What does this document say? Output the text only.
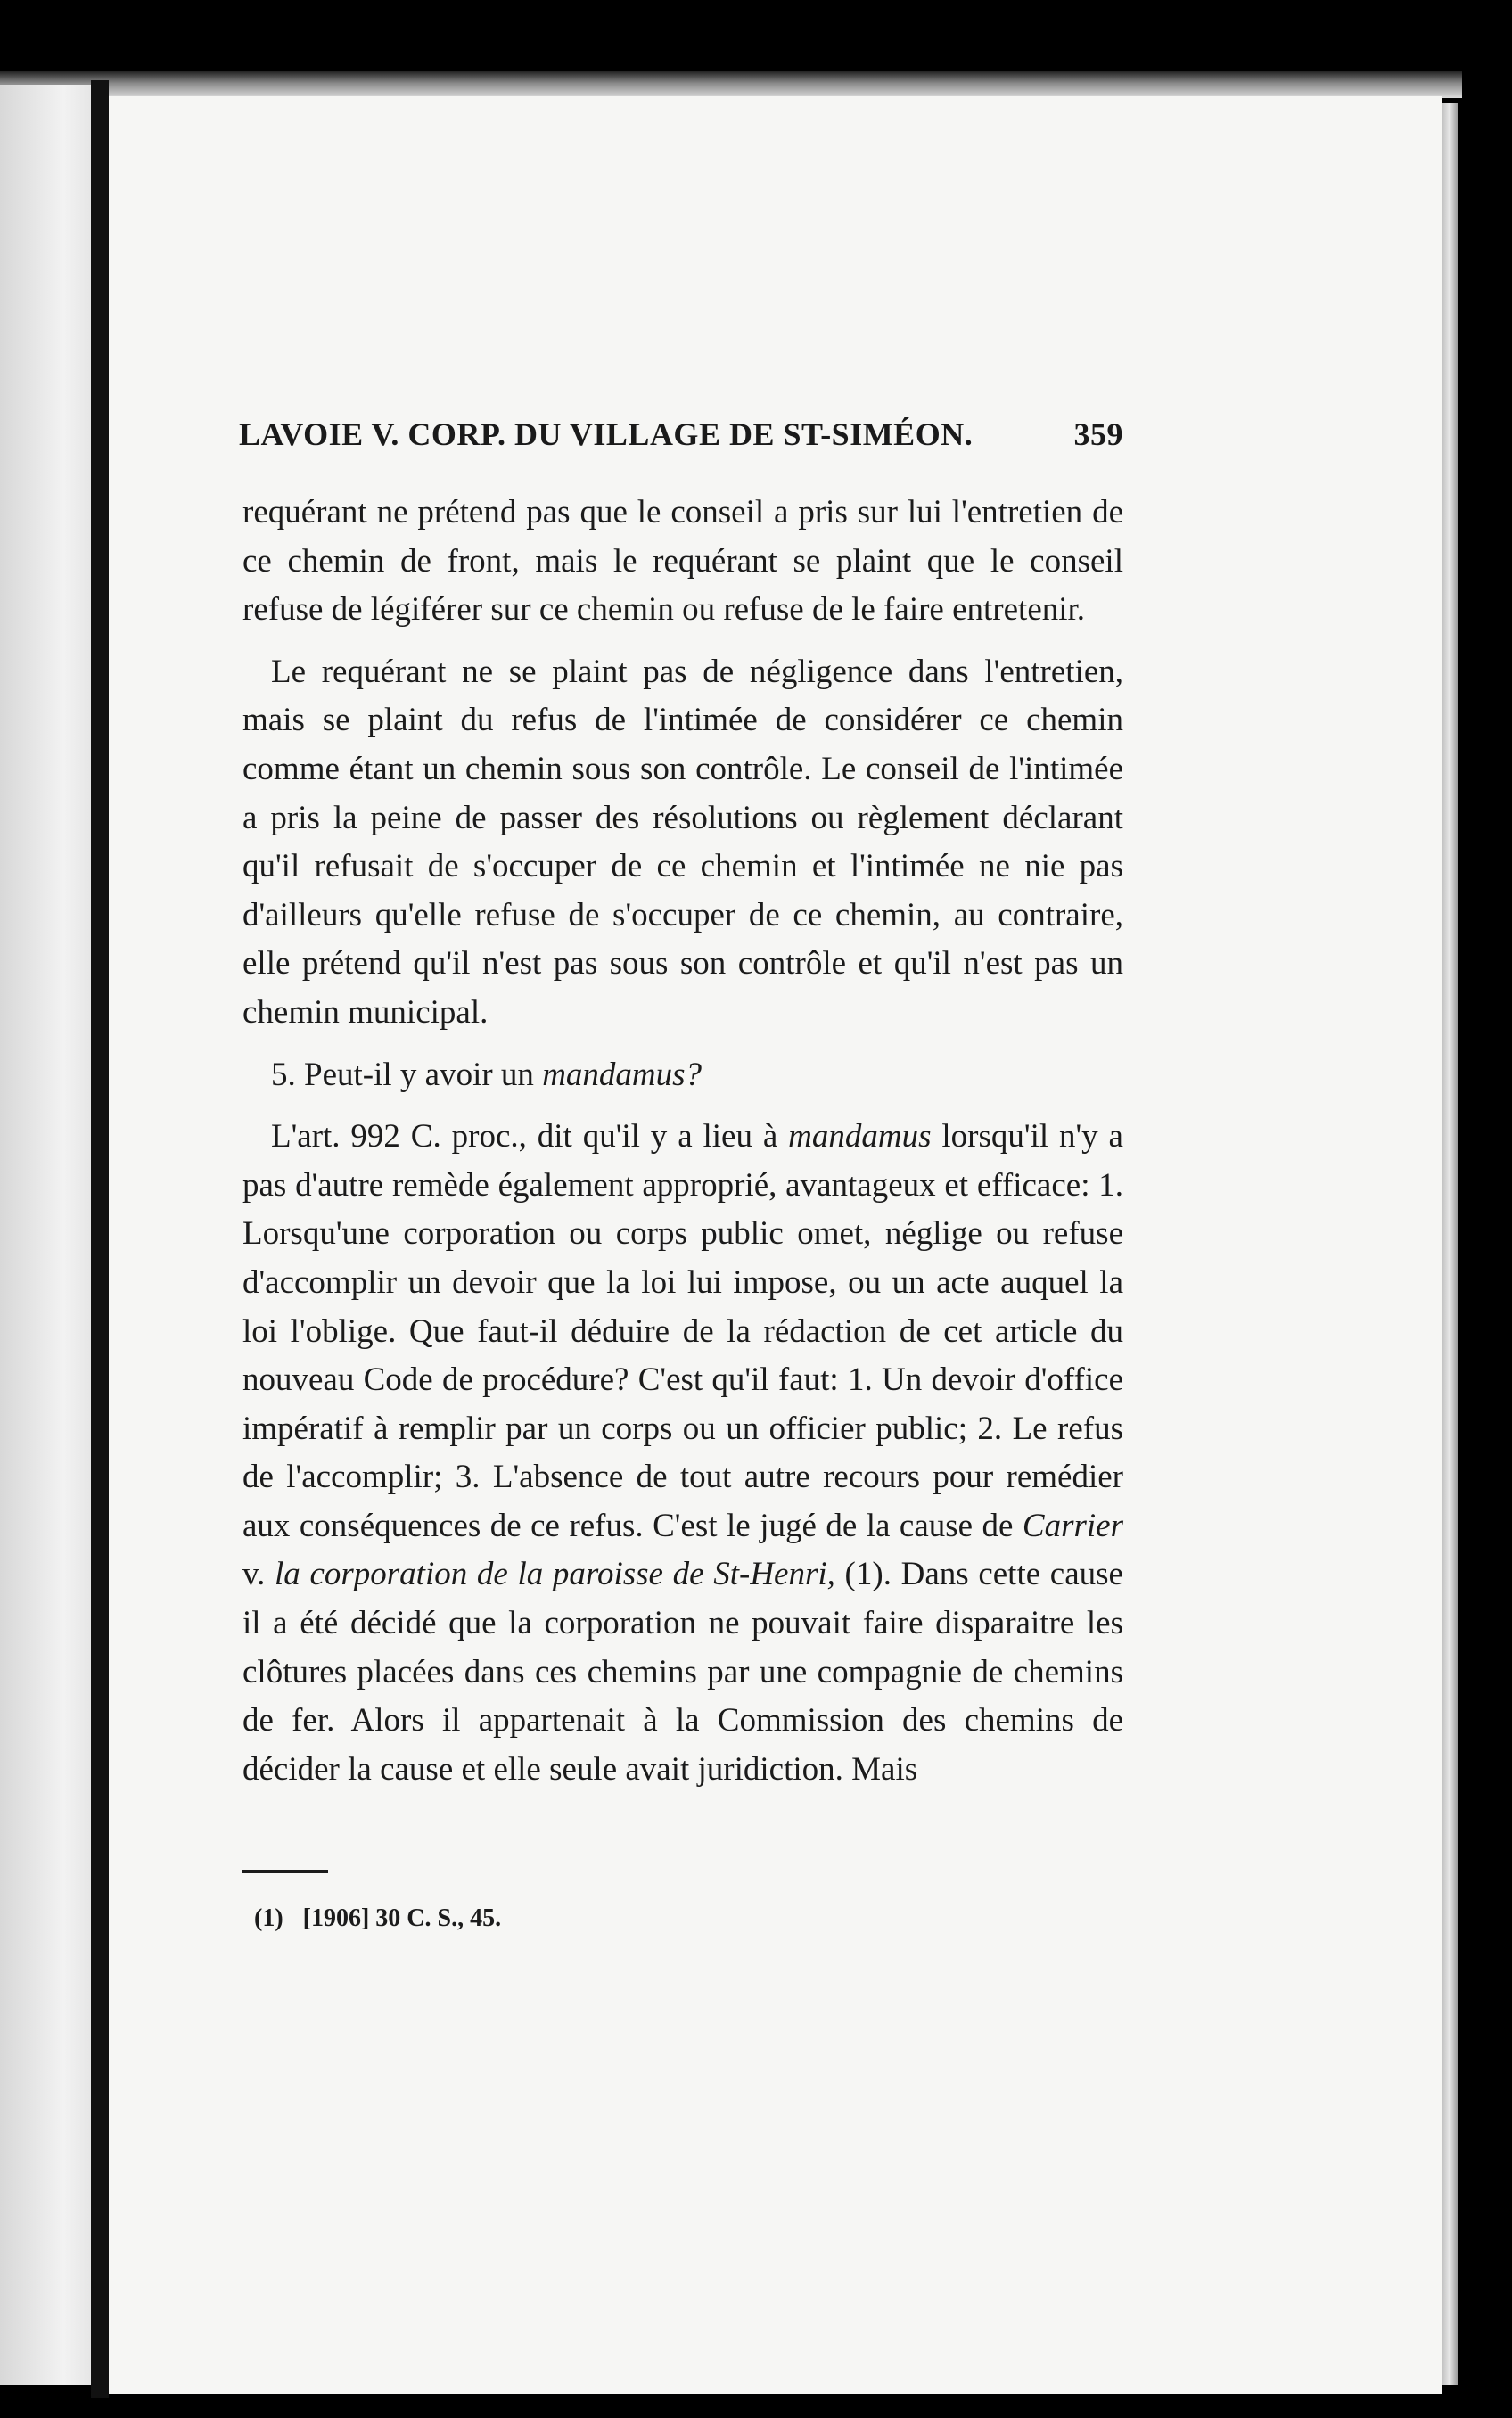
LAVOIE V. CORP. DU VILLAGE DE ST-SIMÉON.	359

requérant ne prétend pas que le conseil a pris sur lui l'entretien de ce chemin de front, mais le requérant se plaint que le conseil refuse de légiférer sur ce chemin ou refuse de le faire entretenir.

Le requérant ne se plaint pas de négligence dans l'entretien, mais se plaint du refus de l'intimée de considérer ce chemin comme étant un chemin sous son contrôle. Le conseil de l'intimée a pris la peine de passer des résolutions ou règlement déclarant qu'il refusait de s'occuper de ce chemin et l'intimée ne nie pas d'ailleurs qu'elle refuse de s'occuper de ce chemin, au contraire, elle prétend qu'il n'est pas sous son contrôle et qu'il n'est pas un chemin municipal.

5. Peut-il y avoir un mandamus?

L'art. 992 C. proc., dit qu'il y a lieu à mandamus lorsqu'il n'y a pas d'autre remède également approprié, avantageux et efficace: 1. Lorsqu'une corporation ou corps public omet, néglige ou refuse d'accomplir un devoir que la loi lui impose, ou un acte auquel la loi l'oblige. Que faut-il déduire de la rédaction de cet article du nouveau Code de procédure? C'est qu'il faut: 1. Un devoir d'office impératif à remplir par un corps ou un officier public; 2. Le refus de l'accomplir; 3. L'absence de tout autre recours pour remédier aux conséquences de ce refus. C'est le jugé de la cause de Carrier v. la corporation de la paroisse de St-Henri, (1). Dans cette cause il a été décidé que la corporation ne pouvait faire disparaitre les clôtures placées dans ces chemins par une compagnie de chemins de fer. Alors il appartenait à la Commission des chemins de décider la cause et elle seule avait juridiction. Mais

(1) [1906] 30 C. S., 45.
